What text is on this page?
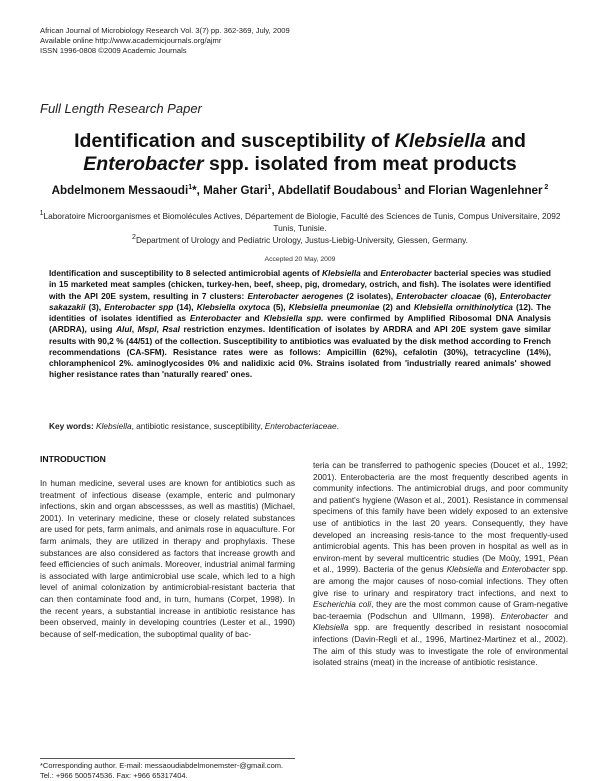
African Journal of Microbiology Research Vol. 3(7) pp. 362-369, July, 2009
Available online http://www.academicjournals.org/ajmr
ISSN 1996-0808 ©2009 Academic Journals
Full Length Research Paper
Identification and susceptibility of Klebsiella and
Enterobacter spp. isolated from meat products
Abdelmonem Messaoudi$^1$*, Maher Gtari$^1$, Abdellatif Boudabous$^1$ and Florian Wagenlehner $^2$
$^1$Laboratoire Microorganismes et Biomolécules Actives, Département de Biologie, Faculté des Sciences de Tunis, Compus Universitaire, 2092 Tunis, Tunisie.
$^2$Department of Urology and Pediatric Urology, Justus-Liebig-University, Giessen, Germany.
Accepted 20 May, 2009
Identification and susceptibility to 8 selected antimicrobial agents of Klebsiella and Enterobacter bacterial species was studied in 15 marketed meat samples (chicken, turkey-hen, beef, sheep, pig, dromedary, ostrich, and fish). The isolates were identified with the API 20E system, resulting in 7 clusters: Enterobacter aerogenes (2 isolates), Enterobacter cloacae (6), Enterobacter sakazakii (3), Enterobacter spp (14), Klebsiella oxytoca (5), Klebsiella pneumoniae (2) and Klebsiella ornithinolytica (12). The identities of isolates identified as Enterobacter and Klebsiella spp. were confirmed by Amplified Ribosomal DNA Analysis (ARDRA), using AluI, MspI, RsaI restriction enzymes. Identification of isolates by ARDRA and API 20E system gave similar results with 90,2 % (44/51) of the collection. Susceptibility to antibiotics was evaluated by the disk method according to French recommendations (CA-SFM). Resistance rates were as follows: Ampicillin (62%), cefalotin (30%), tetracycline (14%), chloramphenicol 2%. aminoglycosides 0% and nalidixic acid 0%. Strains isolated from 'industrially reared animals' showed higher resistance rates than 'naturally reared' ones.
Key words: Klebsiella, antibiotic resistance, susceptibility, Enterobacteriaceae.
INTRODUCTION
In human medicine, several uses are known for antibiotics such as treatment of infectious disease (example, enteric and pulmonary infections, skin and organ abscessses, as well as mastitis) (Michael, 2001). In veterinary medicine, these or closely related substances are used for pets, farm animals, and animals rose in aquaculture. For farm animals, they are utilized in therapy and prophylaxis. These substances are also considered as factors that increase growth and feed efficiencies of such animals. Moreover, industrial animal farming is associated with large antimicrobial use scale, which led to a high level of animal colonization by antimicrobial-resistant bacteria that can then contaminate food and, in turn, humans (Corpet, 1998). In the recent years, a substantial increase in antibiotic resistance has been observed, mainly in developing countries (Lester et al., 1990) because of self-medication, the suboptimal quality of bac-
teria can be transferred to pathogenic species (Doucet et al., 1992; 2001). Enterobacteria are the most frequently described agents in community infections. The antimicrobial drugs, and poor community and patient's hygiene (Wason et al., 2001). Resistance in commensal specimens of this family have been widely exposed to an extensive use of antibiotics in the last 20 years. Consequently, they have developed an increasing resis-tance to the most frequently-used antimicrobial agents. This has been proven in hospital as well as in environ-ment by several multicentric studies (De Moûy, 1991, Péan et al., 1999). Bacteria of the genus Klebsiella and Enterobacter spp. are among the major causes of noso-comial infections. They often give rise to urinary and respiratory tract infections, and next to Escherichia coli, they are the most common cause of Gram-negative bac-teraemia (Podschun and Ullmann, 1998). Enterobacter and Klebsiella spp. are frequently described in resistant nosocomial infections (Davin-Regli et al., 1996, Martinez-Martinez et al., 2002). The aim of this study was to investigate the role of environmental isolated strains (meat) in the increase of antibiotic resistance.
*Corresponding author. E-mail: messaoudiabdelmonemster-@gmail.com. Tel.: +966 500574536. Fax: +966 65317404.
